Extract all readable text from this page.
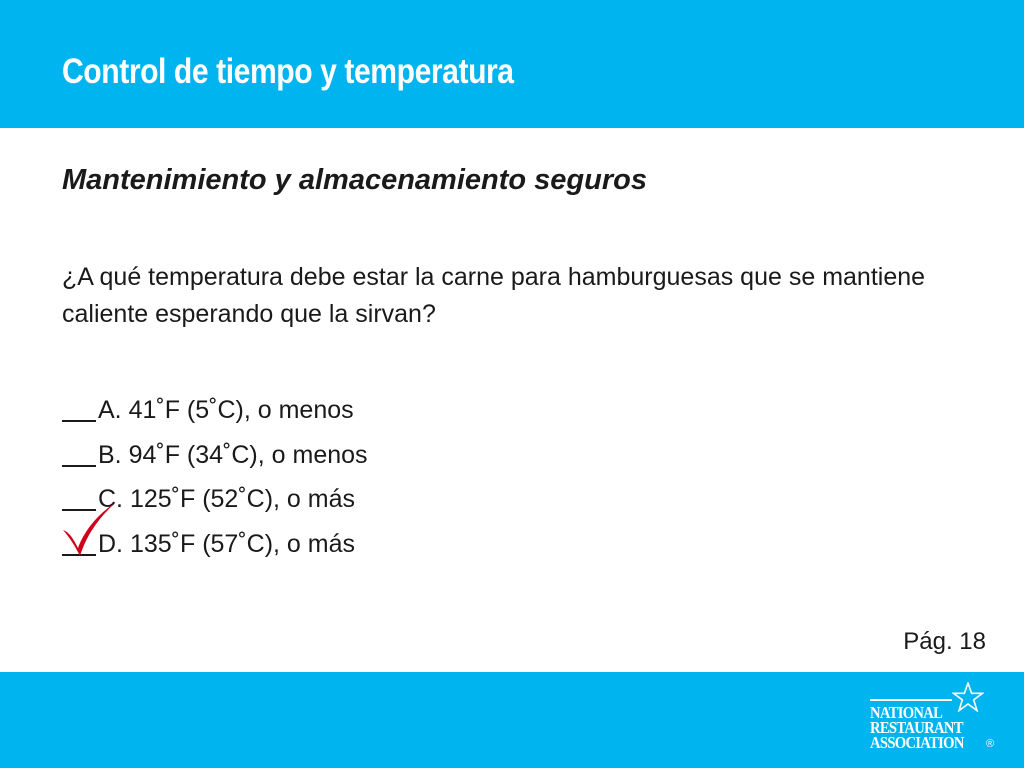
Control de tiempo y temperatura
Mantenimiento y almacenamiento seguros
¿A qué temperatura debe estar la carne para hamburguesas que se mantiene caliente esperando que la sirvan?
A. 41˚F (5˚C), o menos
B. 94˚F (34˚C), o menos
C. 125˚F (52˚C), o más
D. 135˚F (57˚C), o más
Pág. 18
NATIONAL
RESTAURANT
ASSOCIATION ®
